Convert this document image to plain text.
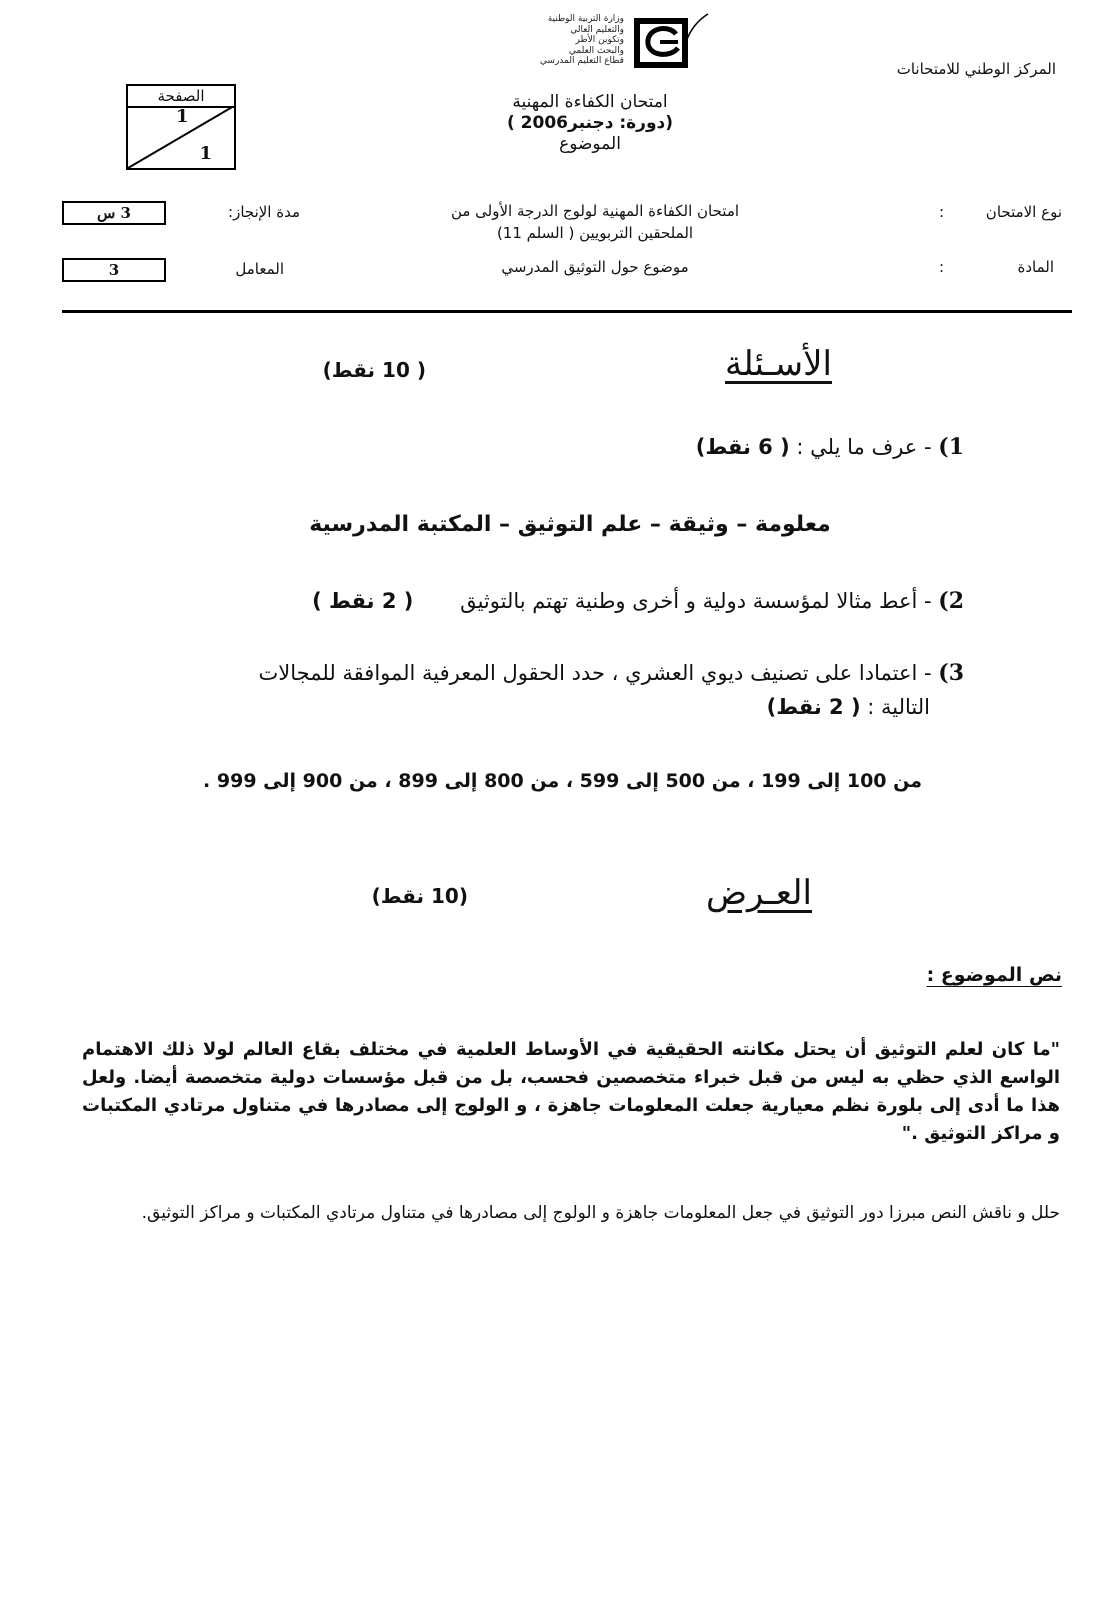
المركز الوطني للامتحانات
وزارة التربية الوطنية
والتعليم العالي
وتكوين الأطر
والبحث العلمي
قطاع التعليم المدرسي
امتحان الكفاءة المهنية
(دورة: دجنبر2006 )
الموضوع
الصفحة
1
1
نوع الامتحان
:
امتحان الكفاءة المهنية لولوج الدرجة الأولى من
الملحقين التربويين ( السلم 11)
مدة الإنجاز:
3 س
المادة
:
موضوع حول التوثيق المدرسي
المعامل
3
الأسـئلة
( 10 نقط)
1) - عرف ما يلي : ( 6 نقط)
معلومة – وثيقة – علم التوثيق – المكتبة المدرسية
2) - أعط مثالا لمؤسسة دولية و أخرى وطنية تهتم بالتوثيق ( 2 نقط )
3) - اعتمادا على تصنيف ديوي العشري ، حدد الحقول المعرفية الموافقة للمجالات
التالية : ( 2 نقط)
من 100 إلى 199 ، من 500 إلى 599 ، من 800 إلى 899 ، من 900 إلى 999 .
العـرض
(10 نقط)
نص الموضوع :
"ما كان لعلم التوثيق أن يحتل مكانته الحقيقية في الأوساط العلمية في مختلف بقاع العالم لولا ذلك الاهتمام الواسع الذي حظي به ليس من قبل خبراء متخصصين فحسب، بل من قبل مؤسسات دولية متخصصة أيضا. ولعل هذا ما أدى إلى بلورة نظم معيارية جعلت المعلومات جاهزة ، و الولوج إلى مصادرها في متناول مرتادي المكتبات و مراكز التوثيق ."
حلل و ناقش النص مبرزا دور التوثيق في جعل المعلومات جاهزة و الولوج إلى مصادرها في متناول مرتادي المكتبات و مراكز التوثيق.
